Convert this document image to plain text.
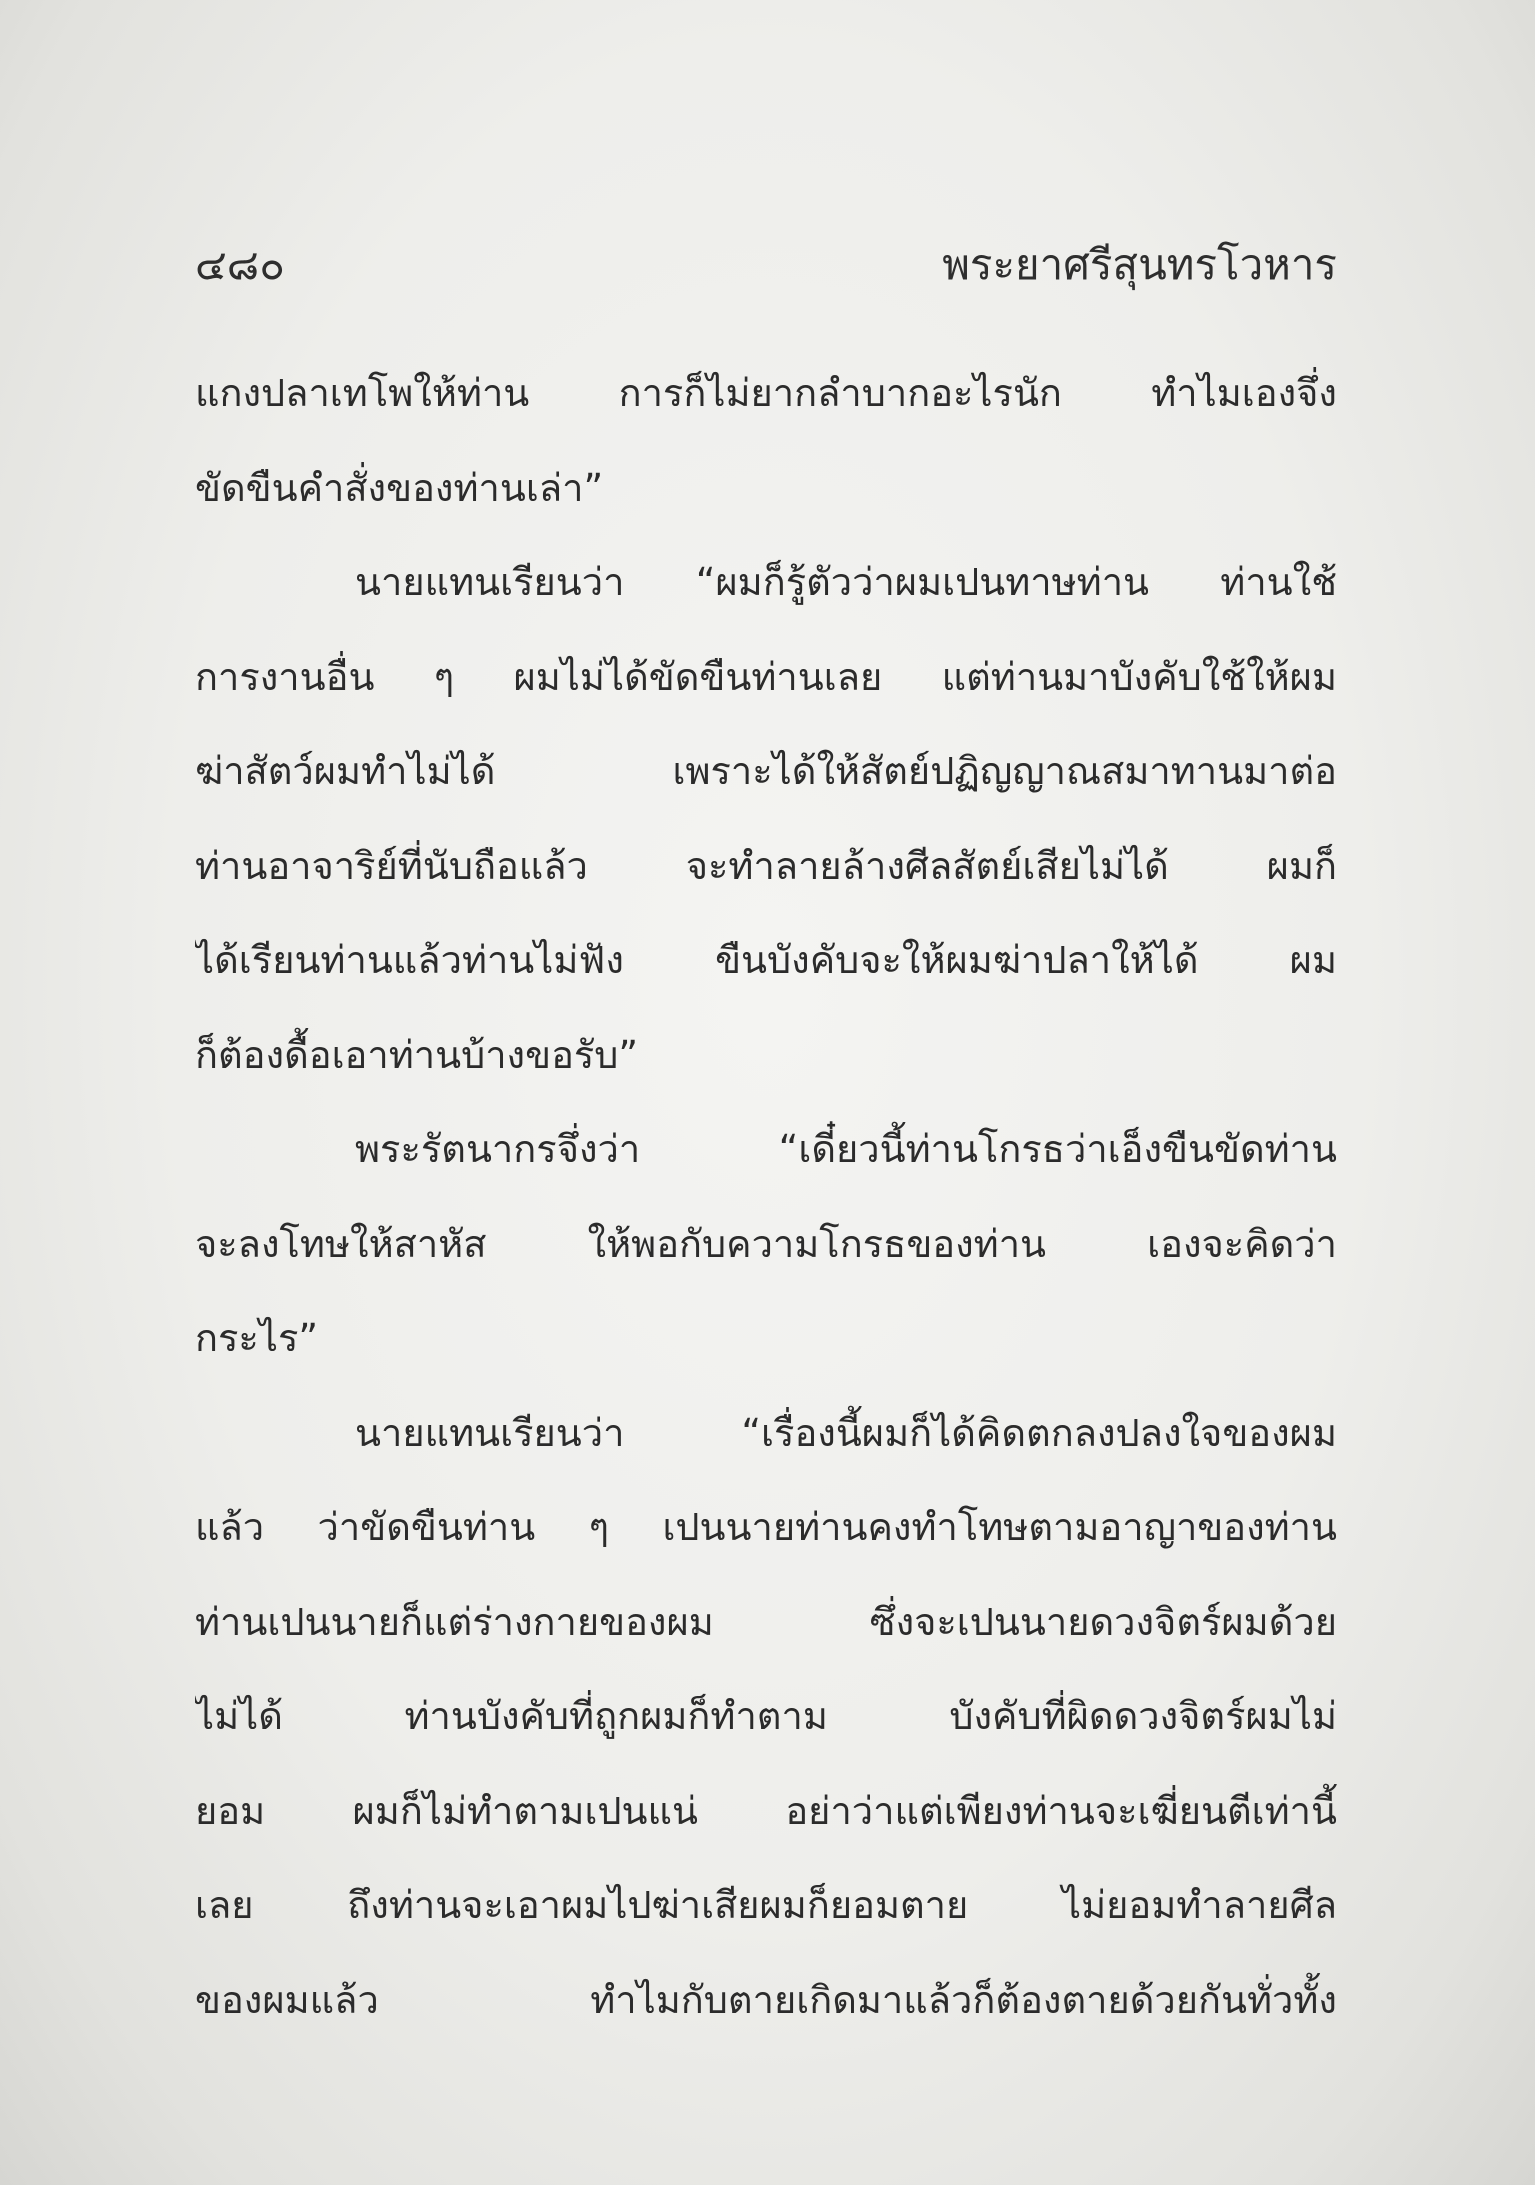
๔๘๐	พระยาศรีสุนทรโวหาร
แกงปลาเทโพให้ท่าน การก็ไม่ยากลำบากอะไรนัก ทำไมเองจึ่ง
ขัดขืนคำสั่งของท่านเล่า”
นายแทนเรียนว่า “ผมก็รู้ตัวว่าผมเปนทาษท่าน ท่านใช้
การงานอื่น ๆ ผมไม่ได้ขัดขืนท่านเลย แต่ท่านมาบังคับใช้ให้ผม
ฆ่าสัตว์ผมทำไม่ได้ เพราะได้ให้สัตย์ปฏิญญาณสมาทานมาต่อ
ท่านอาจาริย์ที่นับถือแล้ว จะทำลายล้างศีลสัตย์เสียไม่ได้ ผมก็
ได้เรียนท่านแล้วท่านไม่ฟัง ขืนบังคับจะให้ผมฆ่าปลาให้ได้ ผม
ก็ต้องดื้อเอาท่านบ้างขอรับ”
พระรัตนากรจึ่งว่า “เดี๋ยวนี้ท่านโกรธว่าเอ็งขืนขัดท่าน
จะลงโทษให้สาหัส ให้พอกับความโกรธของท่าน เองจะคิดว่า
กระไร”
นายแทนเรียนว่า “เรื่องนี้ผมก็ได้คิดตกลงปลงใจของผม
แล้ว ว่าขัดขืนท่าน ๆ เปนนายท่านคงทำโทษตามอาญาของท่าน
ท่านเปนนายก็แต่ร่างกายของผม ซึ่งจะเปนนายดวงจิตร์ผมด้วย
ไม่ได้ ท่านบังคับที่ถูกผมก็ทำตาม บังคับที่ผิดดวงจิตร์ผมไม่
ยอม ผมก็ไม่ทำตามเปนแน่ อย่าว่าแต่เพียงท่านจะเฆี่ยนตีเท่านี้
เลย ถึงท่านจะเอาผมไปฆ่าเสียผมก็ยอมตาย ไม่ยอมทำลายศีล
ของผมแล้ว ทำไมกับตายเกิดมาแล้วก็ต้องตายด้วยกันทั่วทั้ง
